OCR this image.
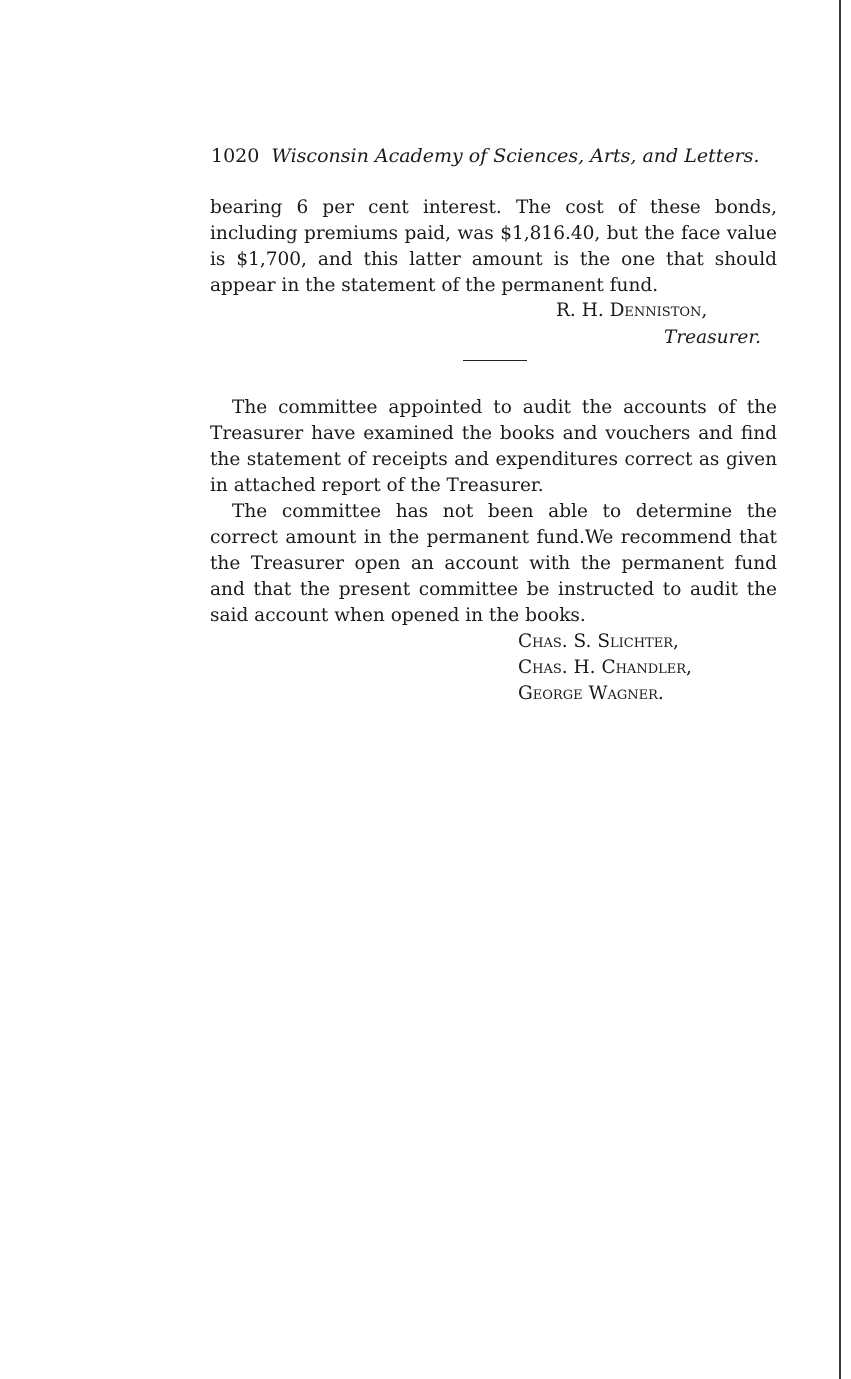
1020 Wisconsin Academy of Sciences, Arts, and Letters.

bearing 6 per cent interest. The cost of these bonds, including premiums paid, was $1,816.40, but the face value is $1,700, and this latter amount is the one that should appear in the statement of the permanent fund.

R. H. Denniston,
Treasurer.

The committee appointed to audit the accounts of the Treasurer have examined the books and vouchers and find the statement of receipts and expenditures correct as given in attached report of the Treasurer.

The committee has not been able to determine the correct amount in the permanent fund.We recommend that the Treasurer open an account with the permanent fund and that the present committee be instructed to audit the said account when opened in the books.

Chas. S. Slichter,
Chas. H. Chandler,
George Wagner.
